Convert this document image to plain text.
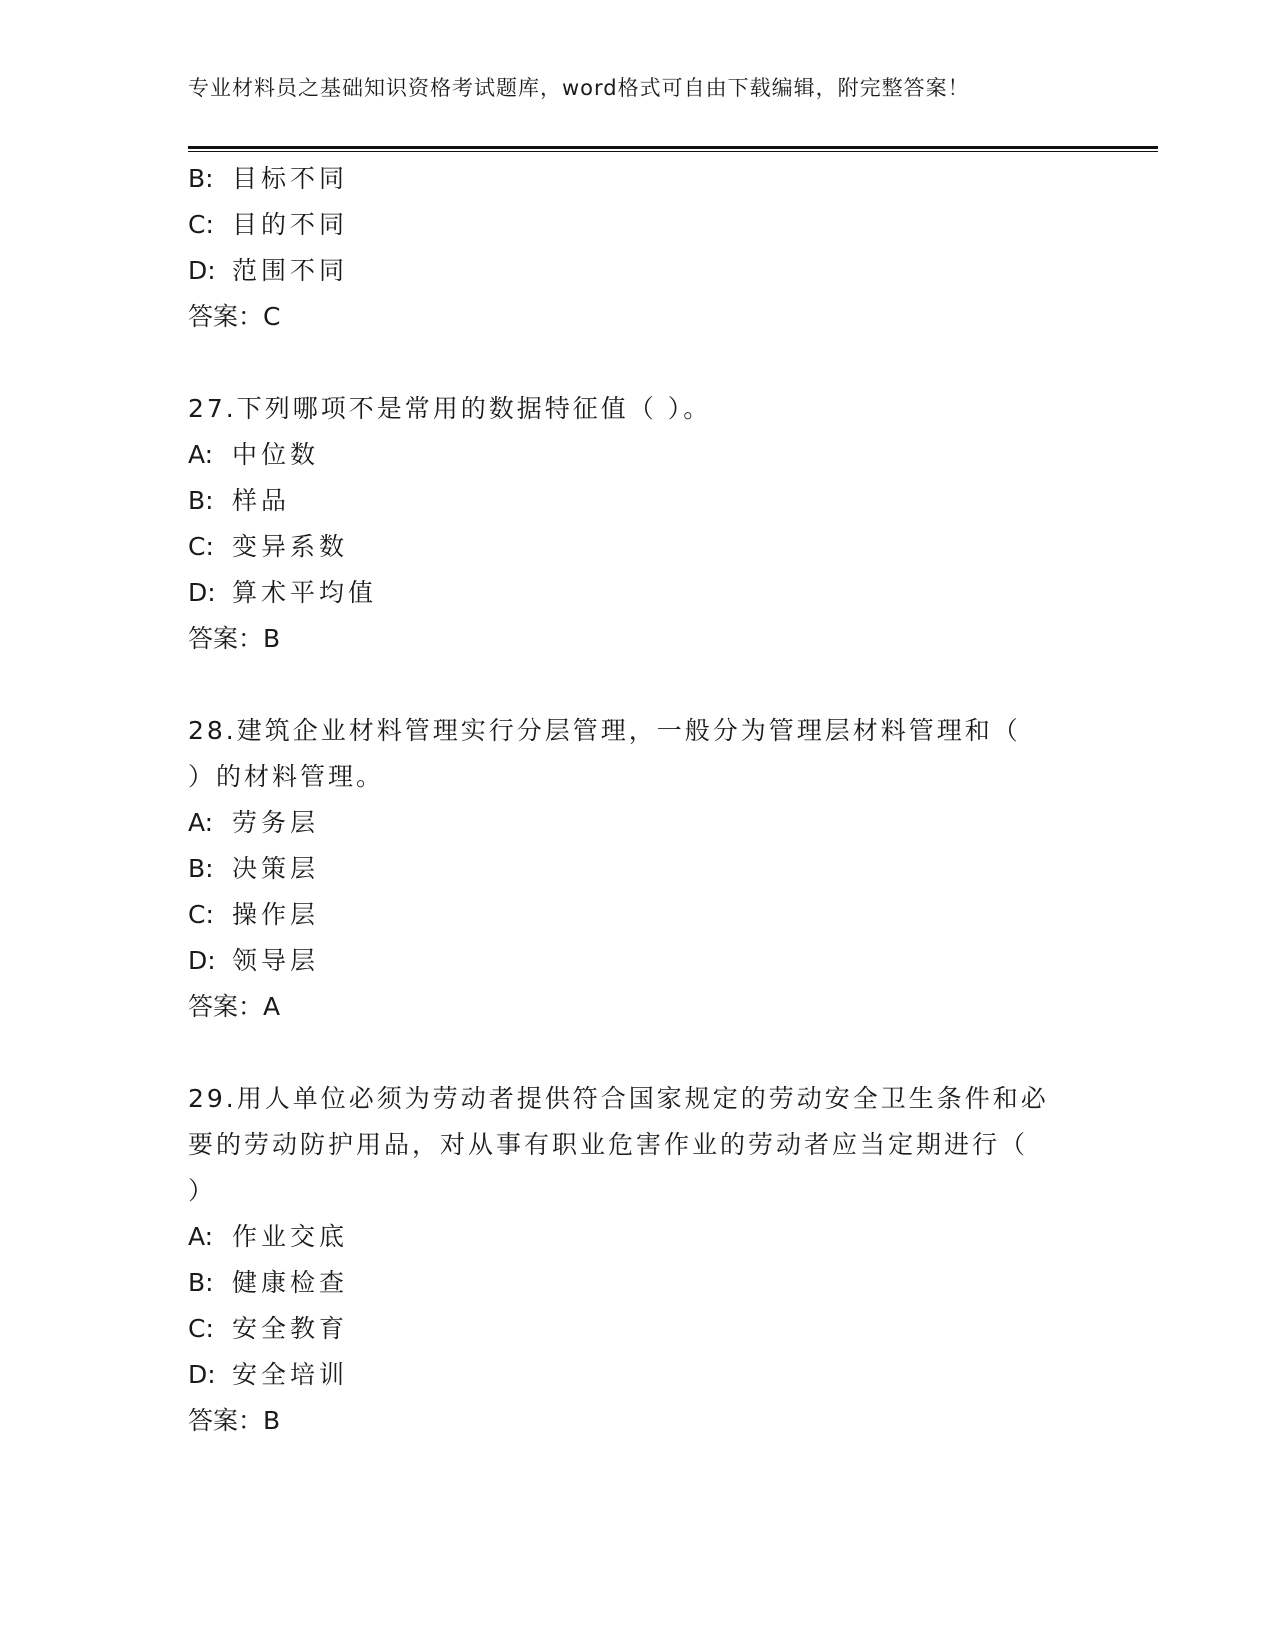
专业材料员之基础知识资格考试题库，word格式可自由下载编辑，附完整答案！
B: 目标不同
C: 目的不同
D: 范围不同
答案：C
27.下列哪项不是常用的数据特征值（ ）。
A: 中位数
B: 样品
C: 变异系数
D: 算术平均值
答案：B
28.建筑企业材料管理实行分层管理，一般分为管理层材料管理和（
）的材料管理。
A: 劳务层
B: 决策层
C: 操作层
D: 领导层
答案：A
29.用人单位必须为劳动者提供符合国家规定的劳动安全卫生条件和必
要的劳动防护用品，对从事有职业危害作业的劳动者应当定期进行（
）
A: 作业交底
B: 健康检查
C: 安全教育
D: 安全培训
答案：B
